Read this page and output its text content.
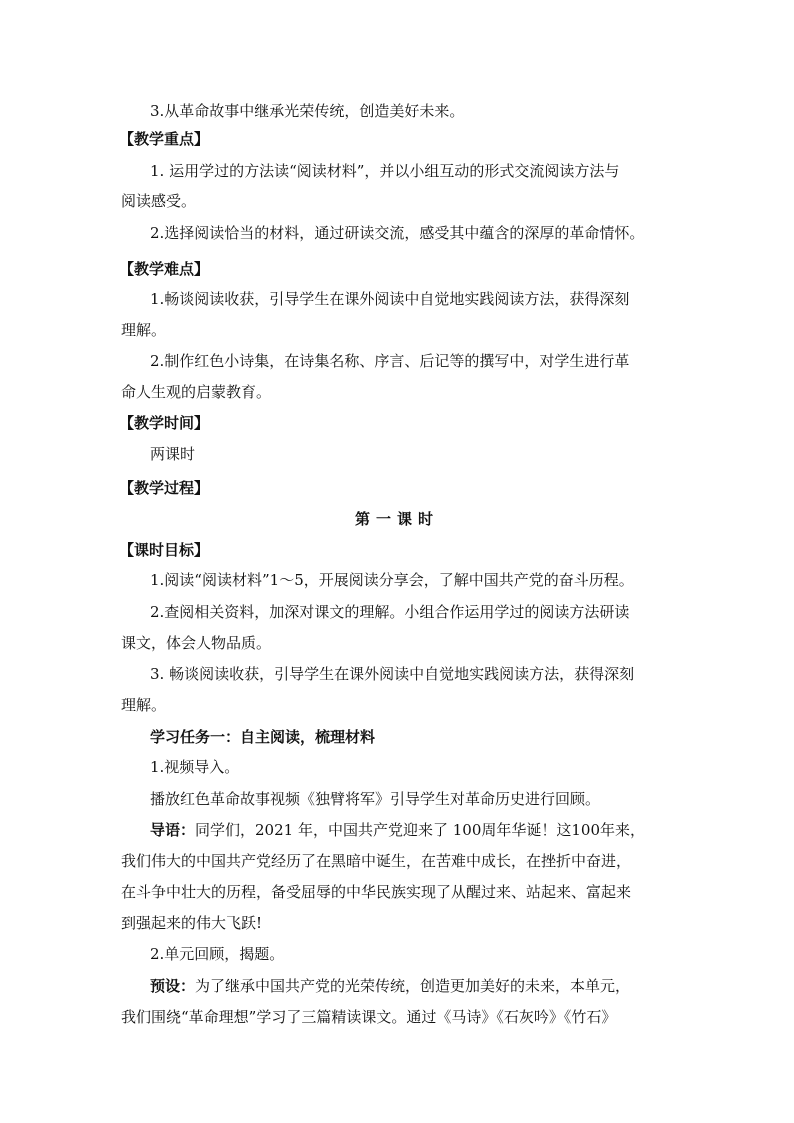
3.从革命故事中继承光荣传统，创造美好未来。
【教学重点】
1. 运用学过的方法读“阅读材料”，并以小组互动的形式交流阅读方法与
阅读感受。
2.选择阅读恰当的材料，通过研读交流，感受其中蕴含的深厚的革命情怀。
【教学难点】
1.畅谈阅读收获，引导学生在课外阅读中自觉地实践阅读方法，获得深刻
理解。
2.制作红色小诗集，在诗集名称、序言、后记等的撰写中，对学生进行革
命人生观的启蒙教育。
【教学时间】
两课时
【教学过程】
第一课时
【课时目标】
1.阅读“阅读材料”1～5，开展阅读分享会，了解中国共产党的奋斗历程。
2.查阅相关资料，加深对课文的理解。小组合作运用学过的阅读方法研读
课文，体会人物品质。
3. 畅谈阅读收获，引导学生在课外阅读中自觉地实践阅读方法，获得深刻
理解。
学习任务一：自主阅读，梳理材料
1.视频导入。
播放红色革命故事视频《独臂将军》引导学生对革命历史进行回顾。
导语：同学们，2021 年，中国共产党迎来了 100周年华诞！这100年来，
我们伟大的中国共产党经历了在黑暗中诞生，在苦难中成长，在挫折中奋进，
在斗争中壮大的历程，备受屈辱的中华民族实现了从醒过来、站起来、富起来
到强起来的伟大飞跃!
2.单元回顾，揭题。
预设：为了继承中国共产党的光荣传统，创造更加美好的未来，本单元，
我们围绕“革命理想”学习了三篇精读课文。通过《马诗》《石灰吟》《竹石》
